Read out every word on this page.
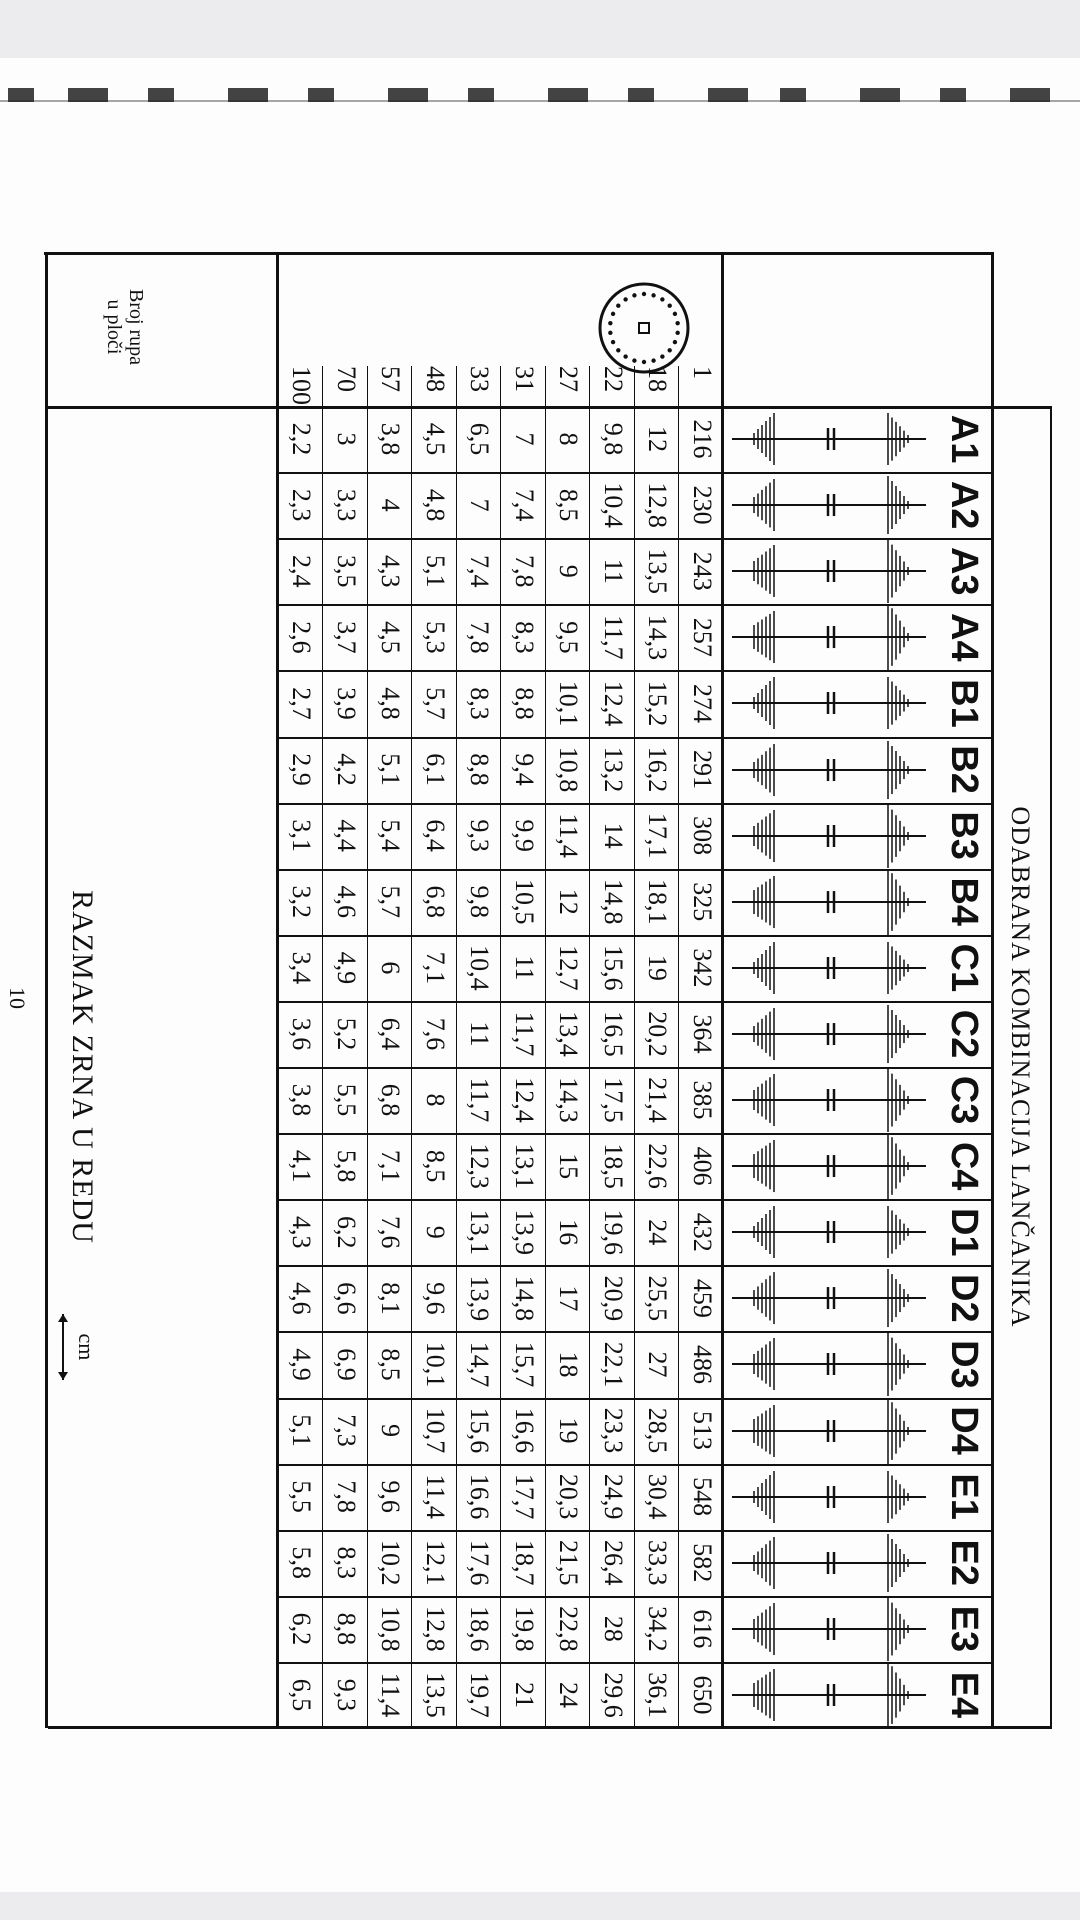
ODABRANA KOMBINACIJA LANČANIKA
A1
A2
A3
A4
B1
B2
B3
B4
C1
C2
C3
C4
D1
D2
D3
D4
E1
E2
E3
E4
1
216
230
243
257
274
291
308
325
342
364
385
406
432
459
486
513
548
582
616
650
18
12
12,8
13,5
14,3
15,2
16,2
17,1
18,1
19
20,2
21,4
22,6
24
25,5
27
28,5
30,4
33,3
34,2
36,1
22
9,8
10,4
11
11,7
12,4
13,2
14
14,8
15,6
16,5
17,5
18,5
19,6
20,9
22,1
23,3
24,9
26,4
28
29,6
27
8
8,5
9
9,5
10,1
10,8
11,4
12
12,7
13,4
14,3
15
16
17
18
19
20,3
21,5
22,8
24
31
7
7,4
7,8
8,3
8,8
9,4
9,9
10,5
11
11,7
12,4
13,1
13,9
14,8
15,7
16,6
17,7
18,7
19,8
21
33
6,5
7
7,4
7,8
8,3
8,8
9,3
9,8
10,4
11
11,7
12,3
13,1
13,9
14,7
15,6
16,6
17,6
18,6
19,7
48
4,5
4,8
5,1
5,3
5,7
6,1
6,4
6,8
7,1
7,6
8
8,5
9
9,6
10,1
10,7
11,4
12,1
12,8
13,5
57
3,8
4
4,3
4,5
4,8
5,1
5,4
5,7
6
6,4
6,8
7,1
7,6
8,1
8,5
9
9,6
10,2
10,8
11,4
70
3
3,3
3,5
3,7
3,9
4,2
4,4
4,6
4,9
5,2
5,5
5,8
6,2
6,6
6,9
7,3
7,8
8,3
8,8
9,3
100
2,2
2,3
2,4
2,6
2,7
2,9
3,1
3,2
3,4
3,6
3,8
4,1
4,3
4,6
4,9
5,1
5,5
5,8
6,2
6,5
Broj rupa
u ploči
RAZMAK ZRNA U REDU
cm
10
